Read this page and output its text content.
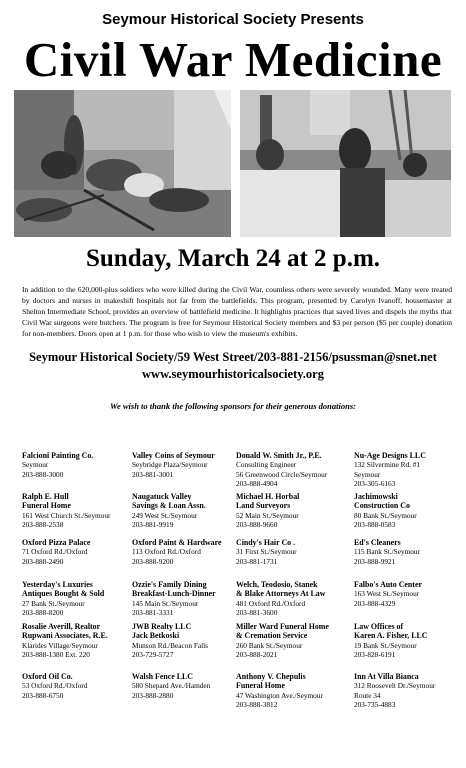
Seymour Historical Society Presents
Civil War Medicine
Sunday, March 24 at 2 p.m.
In addition to the 620,000-plus soldiers who were killed during the Civil War, countless others were severely wounded. Many were treated by doctors and nurses in makeshift hospitals not far from the battlefields. This program, presented by Carolyn Ivanoff, housemaster at Shelton Intermediate School, provides an overview of battlefield medicine. It highlights practices that saved lives and dispels the myths that Civil War surgeons were butchers. The program is free for Seymour Historical Society members and $3 per person ($5 per couple) donation for non-members. Doors open at 1 p.m. for those who wish to view the museum's exhibits.
Seymour Historical Society/59 West Street/203-881-2156/psussman@snet.net
www.seymourhistoricalsociety.org
We wish to thank the following sponsors for their generous donations:
Falcioni Painting Co.
Seymour
203-888-3000
Valley Coins of Seymour
Seybridge Plaza/Seymour
203-881-3001
Donald W. Smith Jr., P.E.
Consulting Engineer
56 Greenwood Circle/Seymour
203-888-4904
Nu-Age Designs LLC
132 Silvermine Rd. #1
Seymour
203-305-6163
Ralph E. Hull
Funeral Home
161 West Church St./Seymour
203-888-2538
Naugatuck Valley
Savings & Loan Assn.
249 West St./Seymour
203-881-9919
Michael H. Horbal
Land Surveyors
52 Main St./Seymour
203-888-9660
Jachimowski
Construction Co
80 Bank St./Seymour
203-888-0583
Oxford Pizza Palace
71 Oxford Rd./Oxford
203-888-2490
Oxford Paint & Hardware
113 Oxford Rd./Oxford
203-888-9200
Cindy's Hair Co .
31 First St./Seymour
203-881-1731
Ed's Cleaners
115 Bank St./Seymour
203-888-9921
Yesterday's Luxuries
Antiques Bought & Sold
27 Bank St./Seymour
203-888-8200
Ozzie's Family Dining
Breakfast-Lunch-Dinner
145 Main St./Seymour
203-881-3331
Welch, Teodosio, Stanek
& Blake Attorneys At Law
481 Oxford Rd./Oxford
203-881-3600
Falbo's Auto Center
163 West St./Seymour
203-888-4329
Rosalie Averill, Realtor
Rupwani Associates, R.E.
Klarides Village/Seymour
203-888-1380 Ext. 220
JWB Realty LLC
Jack Betkoski
Munson Rd./Beacon Falls
203-729-5727
Miller Ward Funeral Home
& Cremation Service
260 Bank St./Seymour
203-888-2021
Law Offices of
Karen A. Fisher, LLC
19 Bank St./Seymour
203-828-6191
Oxford Oil Co.
53 Oxford Rd./Oxford
203-888-6750
Walsh Fence LLC
580 Shepard Ave./Hamden
203-888-2880
Anthony V. Chepulis
Funeral Home
47 Washington Ave./Seymour
203-888-3812
Inn At Villa Bianca
312 Roosevelt Dr./Seymour
Route 34
203-735-4883
